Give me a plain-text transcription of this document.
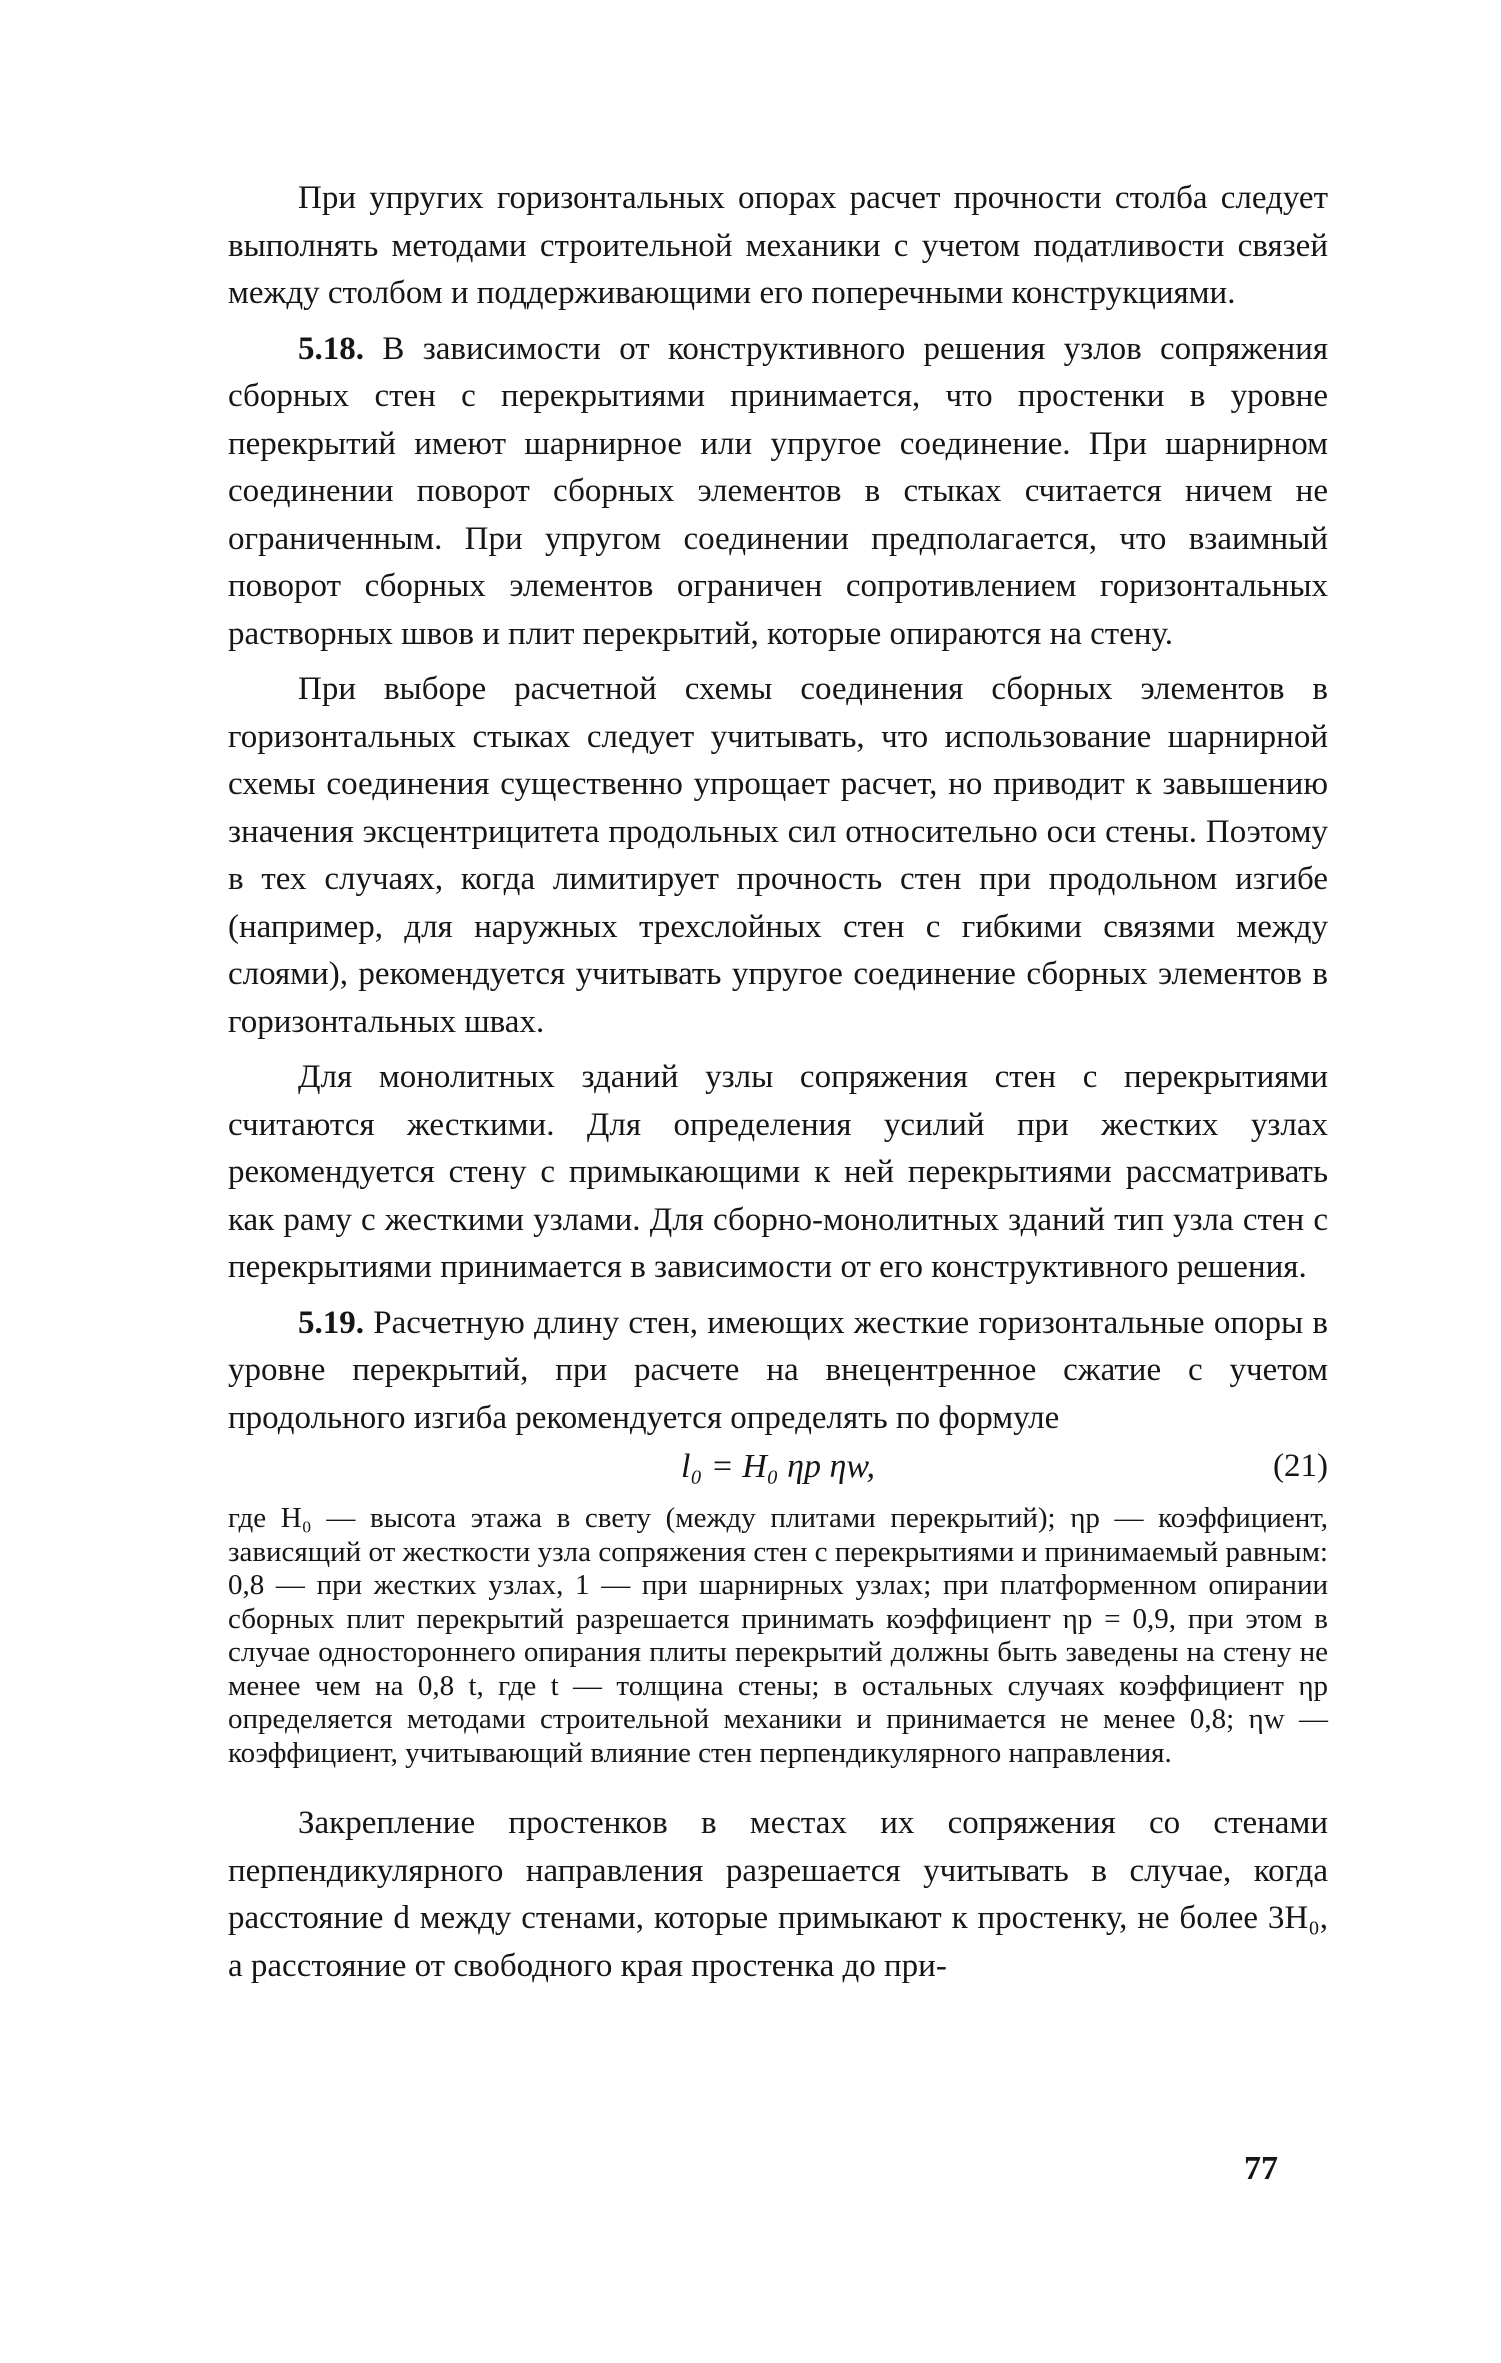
При упругих горизонтальных опорах расчет прочности столба следует выполнять методами строительной механики с учетом податливости связей между столбом и поддерживающими его поперечными конструкциями.

5.18. В зависимости от конструктивного решения узлов сопряжения сборных стен с перекрытиями принимается, что простенки в уровне перекрытий имеют шарнирное или упругое соединение. При шарнирном соединении поворот сборных элементов в стыках считается ничем не ограниченным. При упругом соединении предполагается, что взаимный поворот сборных элементов ограничен сопротивлением горизонтальных растворных швов и плит перекрытий, которые опираются на стену.

При выборе расчетной схемы соединения сборных элементов в горизонтальных стыках следует учитывать, что использование шарнирной схемы соединения существенно упрощает расчет, но приводит к завышению значения эксцентрицитета продольных сил относительно оси стены. Поэтому в тех случаях, когда лимитирует прочность стен при продольном изгибе (например, для наружных трехслойных стен с гибкими связями между слоями), рекомендуется учитывать упругое соединение сборных элементов в горизонтальных швах.

Для монолитных зданий узлы сопряжения стен с перекрытиями считаются жесткими. Для определения усилий при жестких узлах рекомендуется стену с примыкающими к ней перекрытиями рассматривать как раму с жесткими узлами. Для сборно-монолитных зданий тип узла стен с перекрытиями принимается в зависимости от его конструктивного решения.

5.19. Расчетную длину стен, имеющих жесткие горизонтальные опоры в уровне перекрытий, при расчете на внецентренное сжатие с учетом продольного изгиба рекомендуется определять по формуле

l₀ = H₀ ηp ηw,	(21)
где H₀ — высота этажа в свету (между плитами перекрытий); ηp — коэффициент, зависящий от жесткости узла сопряжения стен с перекрытиями и принимаемый равным: 0,8 — при жестких узлах, 1 — при шарнирных узлах; при платформенном опирании сборных плит перекрытий разрешается принимать коэффициент ηp = 0,9, при этом в случае одностороннего опирания плиты перекрытий должны быть заведены на стену не менее чем на 0,8 t, где t — толщина стены; в остальных случаях коэффициент ηp определяется методами строительной механики и принимается не менее 0,8; ηw — коэффициент, учитывающий влияние стен перпендикулярного направления.

Закрепление простенков в местах их сопряжения со стенами перпендикулярного направления разрешается учитывать в случае, когда расстояние d между стенами, которые примыкают к простенку, не более 3H₀, а расстояние от свободного края простенка до при-

77
